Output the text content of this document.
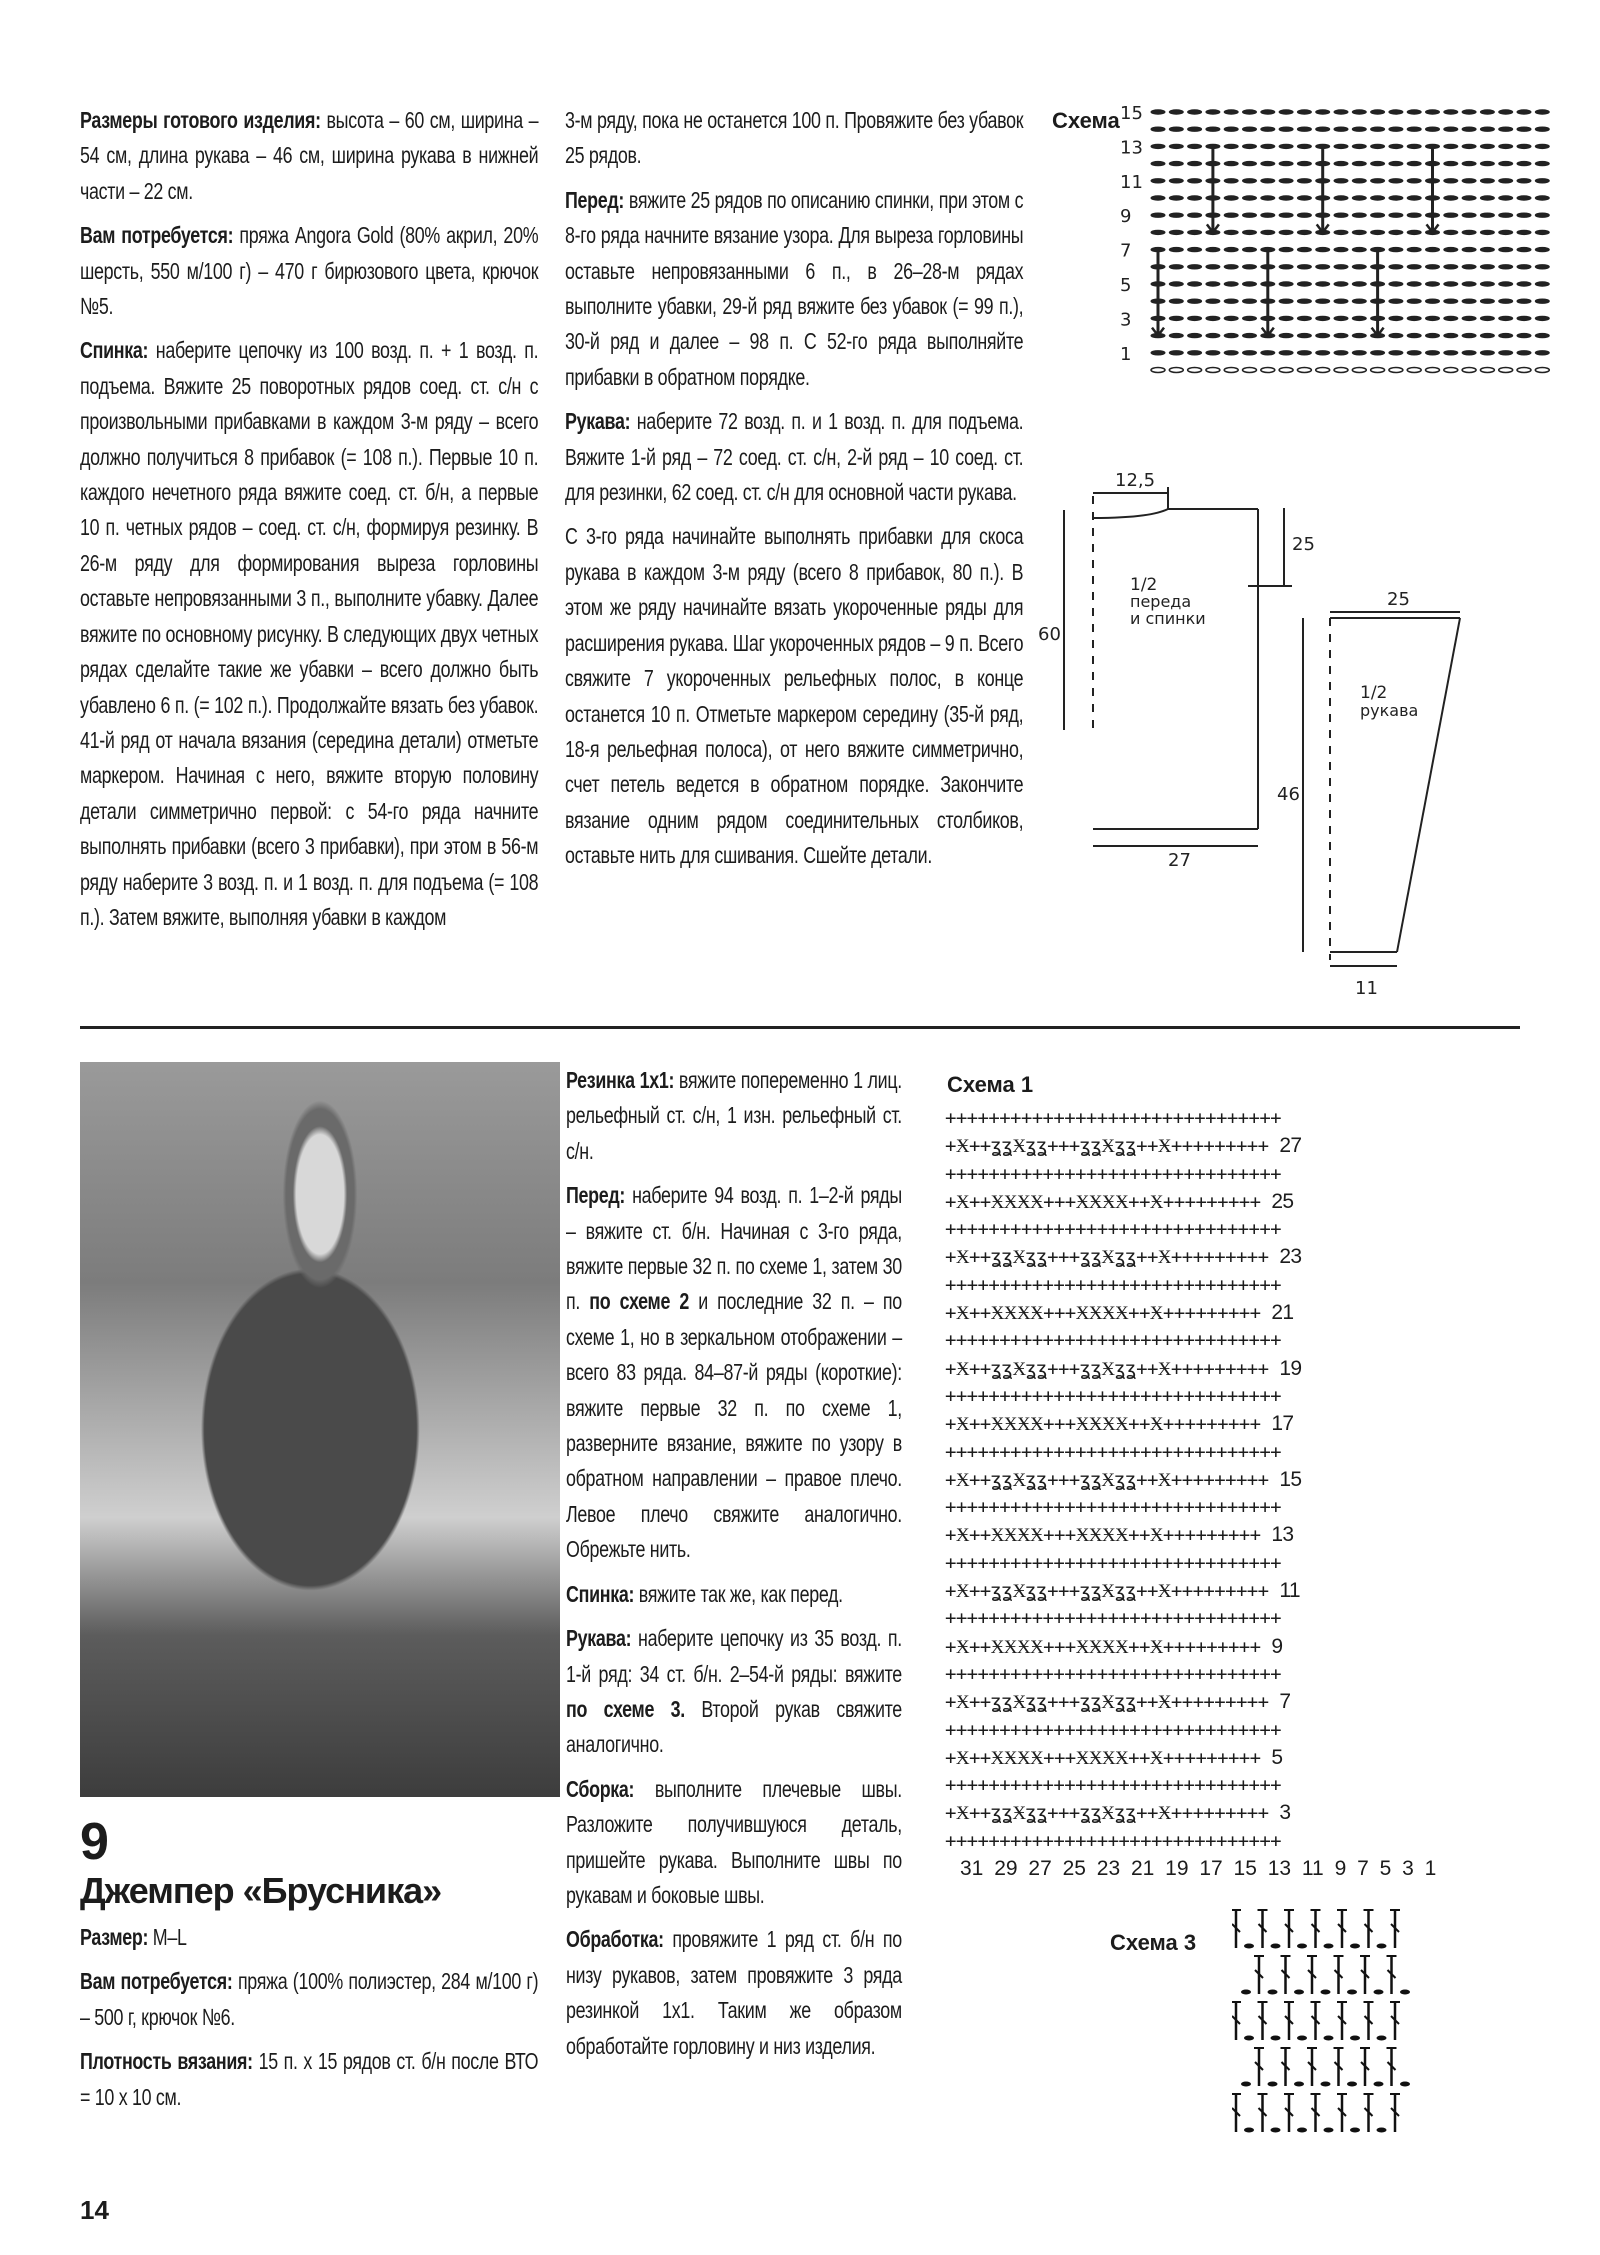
Размеры готового изделия: высота – 60 см, ширина – 54 см, длина рукава – 46 см, ширина рукава в нижней части – 22 см.

Вам потребуется: пряжа Angora Gold (80% акрил, 20% шерсть, 550 м/100 г) – 470 г бирюзового цвета, крючок №5.

Спинка: наберите цепочку из 100 возд. п. + 1 возд. п. подъема. Вяжите 25 поворотных рядов соед. ст. с/н с произвольными прибавками в каждом 3-м ряду – всего должно получиться 8 прибавок (= 108 п.). Первые 10 п. каждого нечетного ряда вяжите соед. ст. б/н, а первые 10 п. четных рядов – соед. ст. с/н, формируя резинку. В 26-м ряду для формирования выреза горловины оставьте непровязанными 3 п., выполните убавку. Далее вяжите по основному рисунку. В следующих двух четных рядах сделайте такие же убавки – всего должно быть убавлено 6 п. (= 102 п.). Продолжайте вязать без убавок. 41-й ряд от начала вязания (середина детали) отметьте маркером. Начиная с него, вяжите вторую половину детали симметрично первой: с 54-го ряда начните выполнять прибавки (всего 3 прибавки), при этом в 56-м ряду наберите 3 возд. п. и 1 возд. п. для подъема (= 108 п.). Затем вяжите, выполняя убавки в каждом

3-м ряду, пока не останется 100 п. Провяжите без убавок 25 рядов.

Перед: вяжите 25 рядов по описанию спинки, при этом с 8-го ряда начните вязание узора. Для выреза горловины оставьте непровязанными 6 п., в 26–28-м рядах выполните убавки, 29-й ряд вяжите без убавок (= 99 п.), 30-й ряд и далее – 98 п. С 52-го ряда выполняйте прибавки в обратном порядке.

Рукава: наберите 72 возд. п. и 1 возд. п. для подъема. Вяжите 1-й ряд – 72 соед. ст. с/н, 2-й ряд – 10 соед. ст. для резинки, 62 соед. ст. с/н для основной части рукава.

С 3-го ряда начинайте выполнять прибавки для скоса рукава в каждом 3-м ряду (всего 8 прибавок, 80 п.). В этом же ряду начинайте вязать укороченные ряды для расширения рукава. Шаг укороченных рядов – 9 п. Всего свяжите 7 укороченных рельефных полос, в конце останется 10 п. Отметьте маркером середину (35-й ряд, 18-я рельефная полоса), от него вяжите симметрично, счет петель ведется в обратном порядке. Закончите вязание одним рядом соединительных столбиков, оставьте нить для сшивания. Сшейте детали.

Схема 15
13
11
9
7
5
3
1
12,5
25
60
1/2
переда
и спинки
27
25
46
1/2
рукава
11
9
Джемпер «Брусника»

Размер: M–L

Вам потребуется: пряжа (100% полиэстер, 284 м/100 г) – 500 г, крючок №6.

Плотность вязания: 15 п. х 15 рядов ст. б/н после ВТО = 10 х 10 см.

Резинка 1х1: вяжите попеременно 1 лиц. рельефный ст. с/н, 1 изн. рельефный ст. с/н.

Перед: наберите 94 возд. п. 1–2-й ряды – вяжите ст. б/н. Начиная с 3-го ряда, вяжите первые 32 п. по схеме 1, затем 30 п. по схеме 2 и последние 32 п. – по схеме 1, но в зеркальном отображении – всего 83 ряда. 84–87-й ряды (короткие): вяжите первые 32 п. по схеме 1, разверните вязание, вяжите по узору в обратном направлении – правое плечо. Левое плечо свяжите аналогично. Обрежьте нить.

Спинка: вяжите так же, как перед.

Рукава: наберите цепочку из 35 возд. п. 1-й ряд: 34 ст. б/н. 2–54-й ряды: вяжите по схеме 3. Второй рукав свяжите аналогично.

Сборка: выполните плечевые швы. Разложите получившуюся деталь, пришейте рукава. Выполните швы по рукавам и боковые швы.

Обработка: провяжите 1 ряд ст. б/н по низу рукавов, затем провяжите 3 ряда резинкой 1х1. Таким же образом обработайте горловину и низ изделия.

Схема 1
+++++++++++++++++++++++++++++++
+Ӿ++ʓʓӾʓʓ+++ʓʓӾʓʓ++Ӿ+++++++++ 27
+++++++++++++++++++++++++++++++
+Ӿ++ӾӾӾӾ+++ӾӾӾӾ++Ӿ+++++++++ 25
+++++++++++++++++++++++++++++++
+Ӿ++ʓʓӾʓʓ+++ʓʓӾʓʓ++Ӿ+++++++++ 23
+++++++++++++++++++++++++++++++
+Ӿ++ӾӾӾӾ+++ӾӾӾӾ++Ӿ+++++++++ 21
+++++++++++++++++++++++++++++++
+Ӿ++ʓʓӾʓʓ+++ʓʓӾʓʓ++Ӿ+++++++++ 19
+++++++++++++++++++++++++++++++
+Ӿ++ӾӾӾӾ+++ӾӾӾӾ++Ӿ+++++++++ 17
+++++++++++++++++++++++++++++++
+Ӿ++ʓʓӾʓʓ+++ʓʓӾʓʓ++Ӿ+++++++++ 15
+++++++++++++++++++++++++++++++
+Ӿ++ӾӾӾӾ+++ӾӾӾӾ++Ӿ+++++++++ 13
+++++++++++++++++++++++++++++++
+Ӿ++ʓʓӾʓʓ+++ʓʓӾʓʓ++Ӿ+++++++++ 11
+++++++++++++++++++++++++++++++
+Ӿ++ӾӾӾӾ+++ӾӾӾӾ++Ӿ+++++++++ 9
+++++++++++++++++++++++++++++++
+Ӿ++ʓʓӾʓʓ+++ʓʓӾʓʓ++Ӿ+++++++++ 7
+++++++++++++++++++++++++++++++
+Ӿ++ӾӾӾӾ+++ӾӾӾӾ++Ӿ+++++++++ 5
+++++++++++++++++++++++++++++++
+Ӿ++ʓʓӾʓʓ+++ʓʓӾʓʓ++Ӿ+++++++++ 3
+++++++++++++++++++++++++++++++
31 29 27 25 23 21 19 17 15 13 11 9 7 5 3 1
Схема 3
14
